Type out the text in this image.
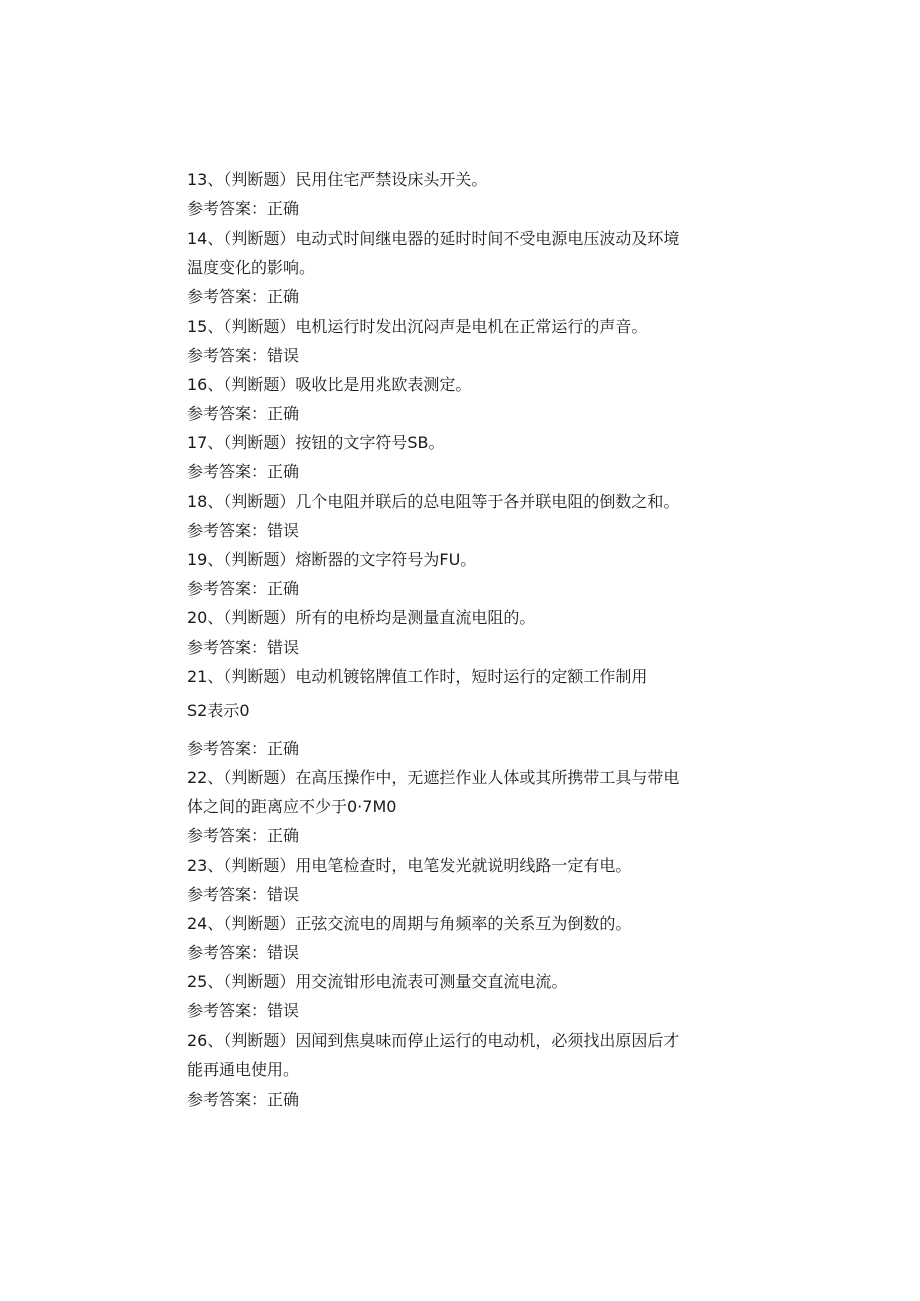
13、（判断题）民用住宅严禁设床头开关。
参考答案：正确
14、（判断题）电动式时间继电器的延时时间不受电源电压波动及环境
温度变化的影响。
参考答案：正确
15、（判断题）电机运行时发出沉闷声是电机在正常运行的声音。
参考答案：错误
16、（判断题）吸收比是用兆欧表测定。
参考答案：正确
17、（判断题）按钮的文字符号SB。
参考答案：正确
18、（判断题）几个电阻并联后的总电阻等于各并联电阻的倒数之和。
参考答案：错误
19、（判断题）熔断器的文字符号为FU。
参考答案：正确
20、（判断题）所有的电桥均是测量直流电阻的。
参考答案：错误
21、（判断题）电动机镀铭牌值工作时，短时运行的定额工作制用
S2表示0
参考答案：正确
22、（判断题）在高压操作中，无遮拦作业人体或其所携带工具与带电
体之间的距离应不少于0·7M0
参考答案：正确
23、（判断题）用电笔检查时，电笔发光就说明线路一定有电。
参考答案：错误
24、（判断题）正弦交流电的周期与角频率的关系互为倒数的。
参考答案：错误
25、（判断题）用交流钳形电流表可测量交直流电流。
参考答案：错误
26、（判断题）因闻到焦臭味而停止运行的电动机，必须找出原因后才
能再通电使用。
参考答案：正确
